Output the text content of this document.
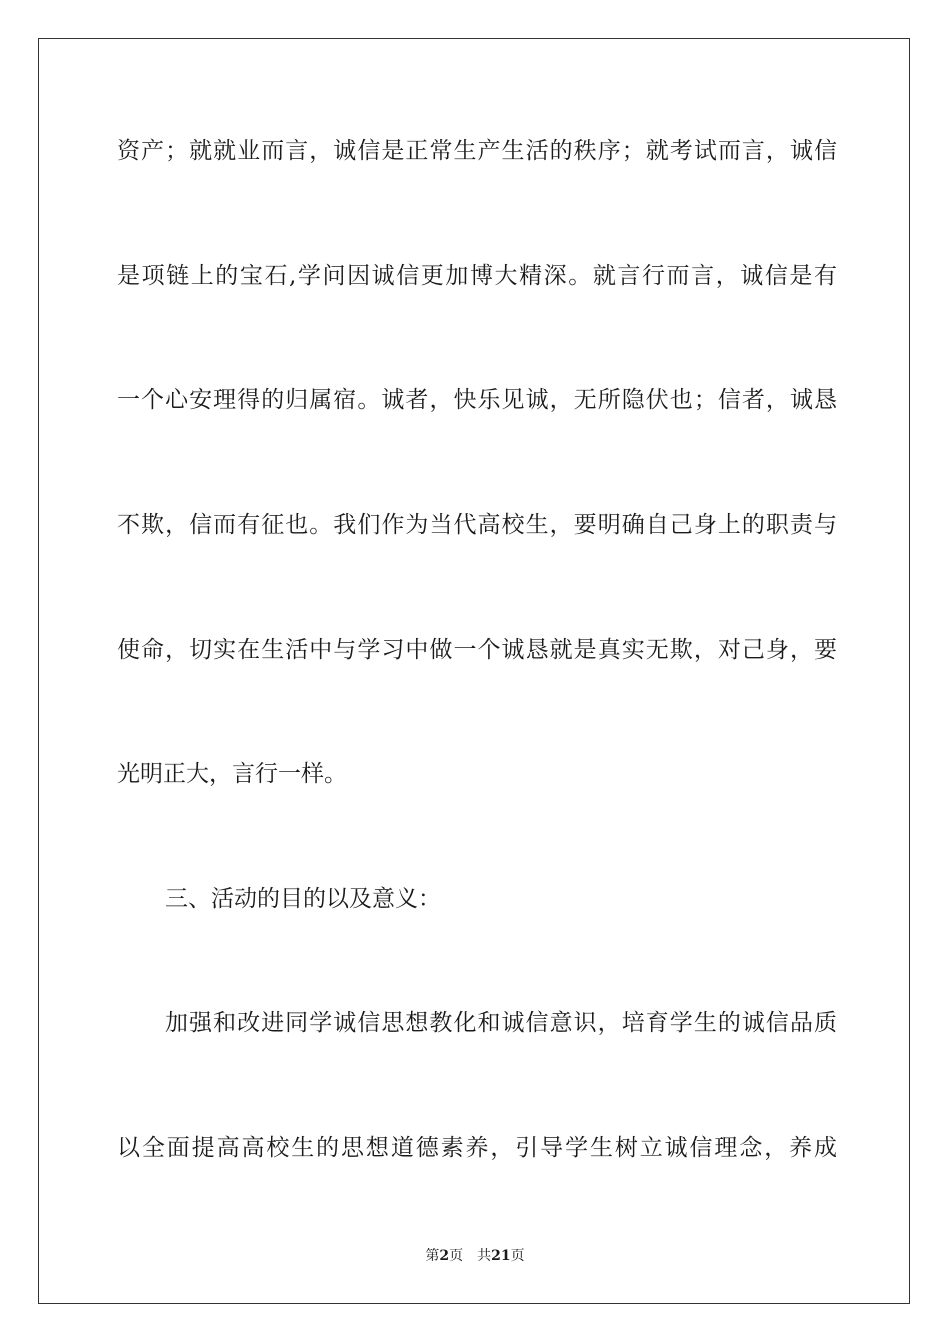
资产；就就业而言，诚信是正常生产生活的秩序；就考试而言，诚信
是项链上的宝石,学问因诚信更加博大精深。就言行而言，诚信是有
一个心安理得的归属宿。诚者，快乐见诚，无所隐伏也；信者，诚恳
不欺，信而有征也。我们作为当代高校生，要明确自己身上的职责与
使命，切实在生活中与学习中做一个诚恳就是真实无欺，对己身，要
光明正大，言行一样。
三、活动的目的以及意义：
加强和改进同学诚信思想教化和诚信意识，培育学生的诚信品质
以全面提高高校生的思想道德素养，引导学生树立诚信理念，养成
第2页 共21页
